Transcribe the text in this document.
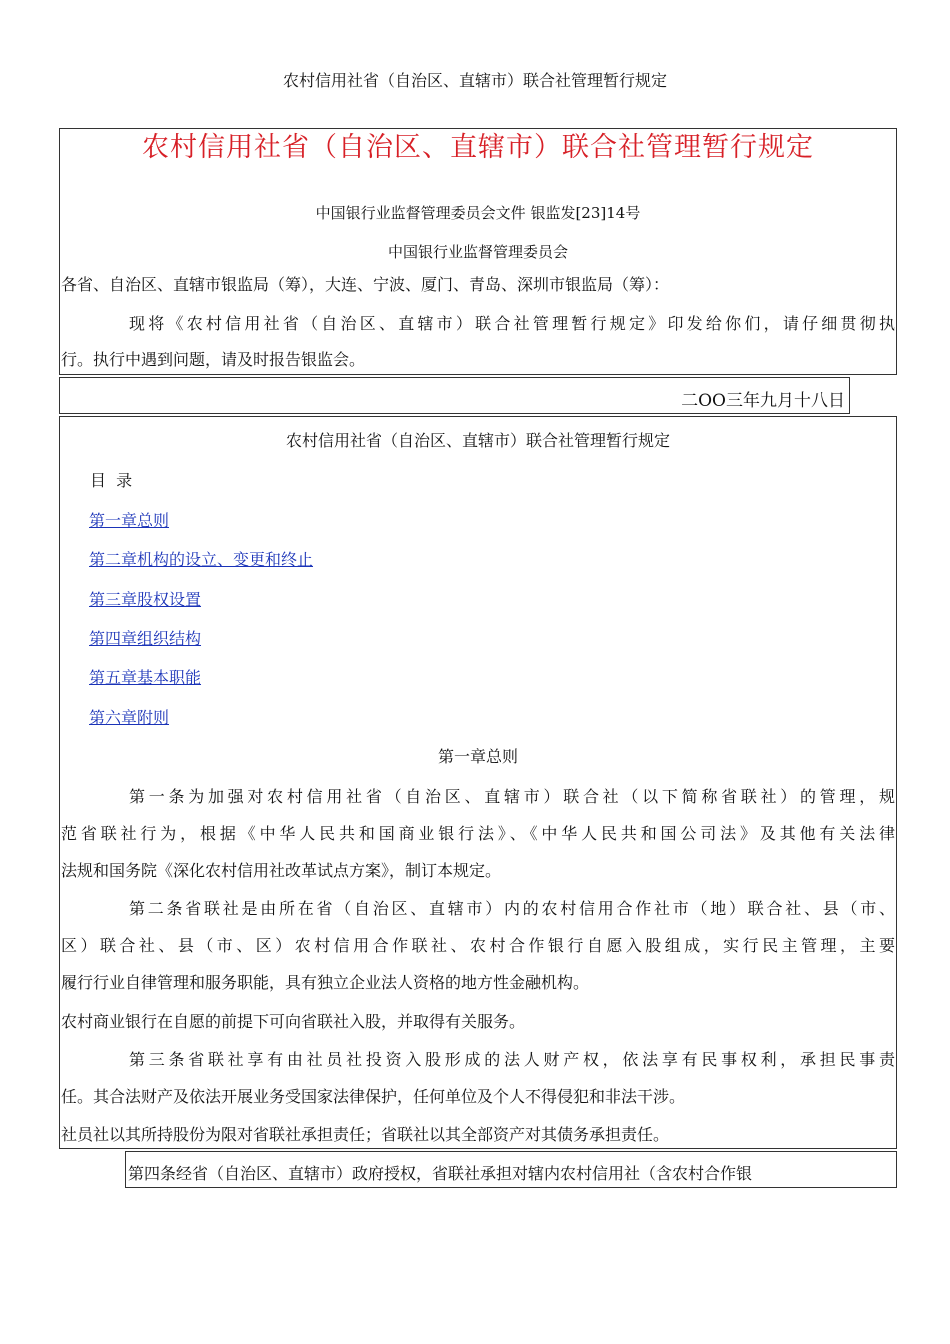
农村信用社省（自治区、直辖市）联合社管理暂行规定
农村信用社省（自治区、直辖市）联合社管理暂行规定
中国银行业监督管理委员会文件 银监发[23]14号
中国银行业监督管理委员会
各省、自治区、直辖市银监局（筹），大连、宁波、厦门、青岛、深圳市银监局（筹）：
现将《农村信用社省（自治区、直辖市）联合社管理暂行规定》印发给你们，请仔细贯彻执
行。执行中遇到问题，请及时报告银监会。
二OO三年九月十八日
农村信用社省（自治区、直辖市）联合社管理暂行规定
目  录
第一章总则
第二章机构的设立、变更和终止
第三章股权设置
第四章组织结构
第五章基本职能
第六章附则
第一章总则
第一条为加强对农村信用社省（自治区、直辖市）联合社（以下简称省联社）的管理，规
范省联社行为，根据《中华人民共和国商业银行法》、《中华人民共和国公司法》及其他有关法律
法规和国务院《深化农村信用社改革试点方案》，制订本规定。
第二条省联社是由所在省（自治区、直辖市）内的农村信用合作社市（地）联合社、县（市、
区）联合社、县（市、区）农村信用合作联社、农村合作银行自愿入股组成，实行民主管理，主要
履行行业自律管理和服务职能，具有独立企业法人资格的地方性金融机构。
农村商业银行在自愿的前提下可向省联社入股，并取得有关服务。
第三条省联社享有由社员社投资入股形成的法人财产权，依法享有民事权利，承担民事责
任。其合法财产及依法开展业务受国家法律保护，任何单位及个人不得侵犯和非法干涉。
社员社以其所持股份为限对省联社承担责任；省联社以其全部资产对其债务承担责任。
第四条经省（自治区、直辖市）政府授权，省联社承担对辖内农村信用社（含农村合作银
